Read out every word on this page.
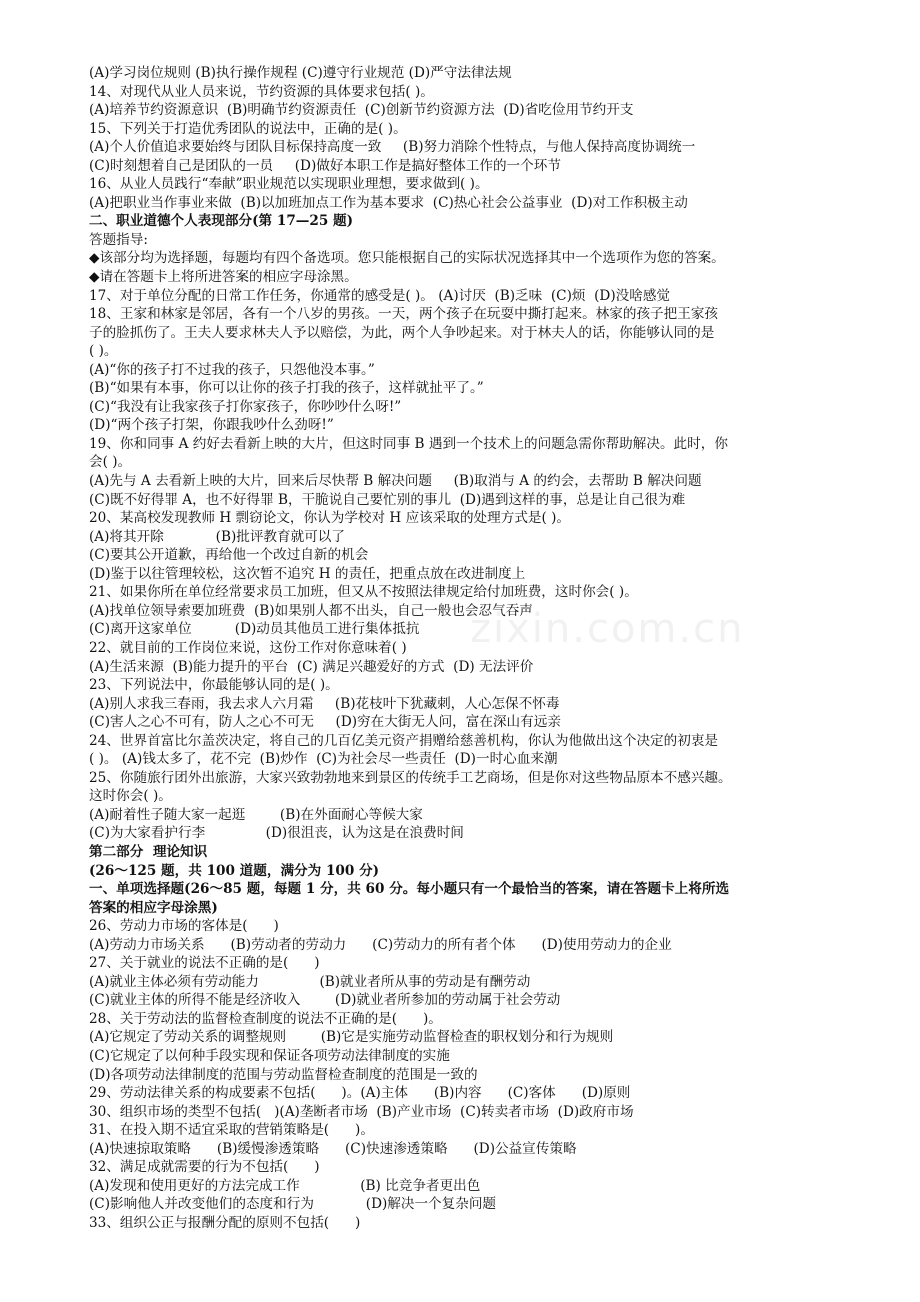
(A)学习岗位规则 (B)执行操作规程 (C)遵守行业规范 (D)严守法律法规
14、对现代从业人员来说，节约资源的具体要求包括( )。
(A)培养节约资源意识  (B)明确节约资源责任  (C)创新节约资源方法  (D)省吃俭用节约开支
15、下列关于打造优秀团队的说法中，正确的是( )。
(A)个人价值追求要始终与团队目标保持高度一致     (B)努力消除个性特点，与他人保持高度协调统一
(C)时刻想着自己是团队的一员     (D)做好本职工作是搞好整体工作的一个环节
16、从业人员践行“奉献”职业规范以实现职业理想，要求做到( )。
(A)把职业当作事业来做  (B)以加班加点工作为基本要求  (C)热心社会公益事业  (D)对工作积极主动
二、职业道德个人表现部分(第 17—25 题)
答题指导:
◆该部分均为选择题，每题均有四个备选项。您只能根据自己的实际状况选择其中一个选项作为您的答案。
◆请在答题卡上将所进答案的相应字母涂黑。
17、对于单位分配的日常工作任务，你通常的感受是( )。 (A)讨厌  (B)乏味  (C)烦  (D)没啥感觉
18、王家和林家是邻居，各有一个八岁的男孩。一天，两个孩子在玩耍中撕打起来。林家的孩子把王家孩
子的脸抓伤了。王夫人要求林夫人予以赔偿，为此，两个人争吵起来。对于林夫人的话，你能够认同的是
( )。
(A)“你的孩子打不过我的孩子，只怨他没本事。”
(B)“如果有本事，你可以让你的孩子打我的孩子，这样就扯平了。”
(C)“我没有让我家孩子打你家孩子，你吵吵什么呀!”
(D)“两个孩子打架，你跟我吵什么劲呀!”
19、你和同事 A 约好去看新上映的大片，但这时同事 B 遇到一个技术上的问题急需你帮助解决。此时，你
会( )。
(A)先与 A 去看新上映的大片，回来后尽快帮 B 解决问题     (B)取消与 A 的约会，去帮助 B 解决问题
(C)既不好得罪 A，也不好得罪 B，干脆说自己要忙别的事儿  (D)遇到这样的事，总是让自己很为难
20、某高校发现教师 H 剽窃论文，你认为学校对 H 应该采取的处理方式是( )。
(A)将其开除            (B)批评教育就可以了
(C)要其公开道歉，再给他一个改过自新的机会
(D)鉴于以往管理较松，这次暂不追究 H 的责任，把重点放在改进制度上
21、如果你所在单位经常要求员工加班，但又从不按照法律规定给付加班费，这时你会( )。
(A)找单位领导索要加班费  (B)如果别人都不出头，自己一般也会忍气吞声
(C)离开这家单位          (D)动员其他员工进行集体抵抗
22、就目前的工作岗位来说，这份工作对你意味着( )
(A)生活来源  (B)能力提升的平台  (C) 满足兴趣爱好的方式  (D) 无法评价
23、下列说法中，你最能够认同的是( )。
(A)别人求我三春雨，我去求人六月霜     (B)花枝叶下犹藏刺，人心怎保不怀毒
(C)害人之心不可有，防人之心不可无     (D)穷在大街无人问，富在深山有远亲
24、世界首富比尔盖茨决定，将自己的几百亿美元资产捐赠给慈善机构，你认为他做出这个决定的初衷是
( )。 (A)钱太多了，花不完  (B)炒作  (C)为社会尽一些责任  (D)一时心血来潮
25、你随旅行团外出旅游，大家兴致勃勃地来到景区的传统手工艺商场，但是你对这些物品原本不感兴趣。
这时你会( )。
(A)耐着性子随大家一起逛        (B)在外面耐心等候大家
(C)为大家看护行李              (D)很沮丧，认为这是在浪费时间
第二部分  理论知识
(26～125 题，共 100 道题，满分为 100 分)
一、单项选择题(26～85 题，每题 1 分，共 60 分。每小题只有一个最恰当的答案，请在答题卡上将所选
答案的相应字母涂黑)
26、劳动力市场的客体是(      )
(A)劳动力市场关系      (B)劳动者的劳动力      (C)劳动力的所有者个体      (D)使用劳动力的企业
27、关于就业的说法不正确的是(      )
(A)就业主体必须有劳动能力              (B)就业者所从事的劳动是有酬劳动
(C)就业主体的所得不能是经济收入        (D)就业者所参加的劳动属于社会劳动
28、关于劳动法的监督检查制度的说法不正确的是(      )。
(A)它规定了劳动关系的调整规则        (B)它是实施劳动监督检查的职权划分和行为规则
(C)它规定了以何种手段实现和保证各项劳动法律制度的实施
(D)各项劳动法律制度的范围与劳动监督检查制度的范围是一致的
29、劳动法律关系的构成要素不包括(      )。(A)主体      (B)内容      (C)客体      (D)原则
30、组织市场的类型不包括(   )(A)垄断者市场  (B)产业市场  (C)转卖者市场  (D)政府市场
31、在投入期不适宜采取的营销策略是(      )。
(A)快速掠取策略      (B)缓慢渗透策略      (C)快速渗透策略      (D)公益宣传策略
32、满足成就需要的行为不包括(      )
(A)发现和使用更好的方法完成工作              (B) 比竞争者更出色
(C)影响他人并改变他们的态度和行为            (D)解决一个复杂问题
33、组织公正与报酬分配的原则不包括(      )
zixin.com.cn
